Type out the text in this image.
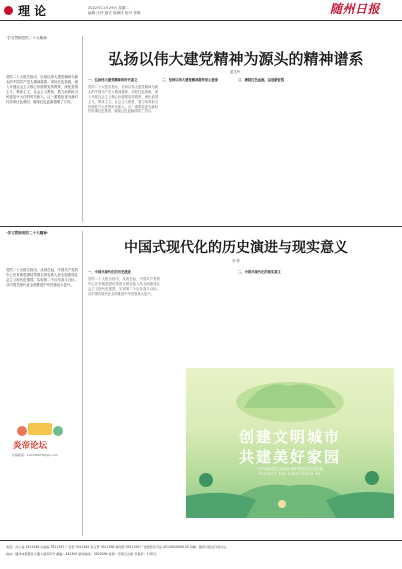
理 论	2022年11月29日 星期二
编辑 汪玲 版式 周海洋 校对 李娟	随州日报
·学习贯彻党的二十大精神·
弘扬以伟大建党精神为源头的精神谱系
晏艾玲
党的二十大报告指出，弘扬以伟大建党精神为源头的中国共产党人精神谱系，用好红色资源，深入开展社会主义核心价值观宣传教育，深化爱国主义、集体主义、社会主义教育，着力培养担当民族复兴大任的时代新人。这一重要论述为新时代传承红色基因、赓续红色血脉指明了方向。
一、弘扬伟大建党精神的时代意义
党的二十大报告指出，弘扬以伟大建党精神为源头的中国共产党人精神谱系，用好红色资源，深入开展社会主义核心价值观宣传教育，深化爱国主义、集体主义、社会主义教育，着力培养担当民族复兴大任的时代新人。这一重要论述为新时代传承红色基因、赓续红色血脉指明了方向。
二、坚持以伟大建党精神滋养初心使命	三、赓续红色血脉，奋进新征程
·学习贯彻党的二十大精神·
中国式现代化的历史演进与现实意义
李 婷
党的二十大报告指出，从现在起，中国共产党的中心任务就是团结带领全国各族人民全面建成社会主义现代化强国、实现第二个百年奋斗目标，以中国式现代化全面推进中华民族伟大复兴。
一、中国式现代化的历史演进
党的二十大报告指出，从现在起，中国共产党的中心任务就是团结带领全国各族人民全面建成社会主义现代化强国、实现第二个百年奋斗目标，以中国式现代化全面推进中华民族伟大复兴。
二、中国式现代化的现实意义
炎帝论坛
投稿邮箱：sz2345678@qq.com
创建文明城市
共建美好家园
守护美好的生态家园 保护绿色的生态环境
PROTECT THE EARTH FROM ME
电话：办公室 3511356 总编室 3511357 广告部 3511445 发行部 3511358 新闻部 3511359 广告经营许可证 4213004000123 印刷：随州日报社印务中心
地址：随州市曾都区交通大道122号 邮编：441300 新闻热线：3520090 每周一至周五出版 零售价：1.00元
